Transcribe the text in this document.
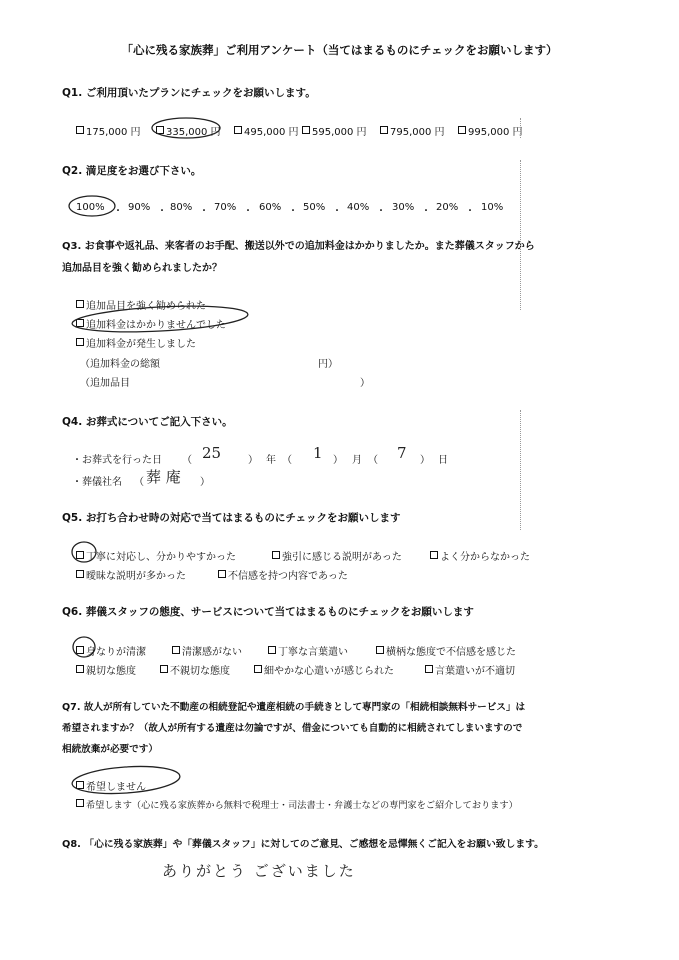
「心に残る家族葬」ご利用アンケート（当てはまるものにチェックをお願いします）
Q1. ご利用頂いたプランにチェックをお願いします。
175,000 円	335,000 円	495,000 円	595,000 円	795,000 円	995,000 円
Q2. 満足度をお選び下さい。
100% ・ 90% ・ 80% ・ 70% ・ 60% ・ 50% ・ 40% ・ 30% ・ 20% ・ 10%
Q3. お食事や返礼品、来客者のお手配、搬送以外での追加料金はかかりましたか。また葬儀スタッフから
追加品目を強く勧められましたか？
追加品目を強く勧められた
追加料金はかかりませんでした
追加料金が発生しました
（追加料金の総額	円）
（追加品目	）
Q4. お葬式についてご記入下さい。
・お葬式を行った日 （ 25	） 年 （ 1 ） 月 （ 7 ） 日
・葬儀社名 （ 葬 庵 ）
Q5. お打ち合わせ時の対応で当てはまるものにチェックをお願いします
丁寧に対応し、分かりやすかった	強引に感じる説明があった	よく分からなかった
曖昧な説明が多かった	不信感を持つ内容であった
Q6. 葬儀スタッフの態度、サービスについて当てはまるものにチェックをお願いします
身なりが清潔	清潔感がない	丁寧な言葉遣い	横柄な態度で不信感を感じた
親切な態度	不親切な態度	細やかな心遣いが感じられた	言葉遣いが不適切
Q7. 故人が所有していた不動産の相続登記や遺産相続の手続きとして専門家の「相続相談無料サービス」は
希望されますか？（故人が所有する遺産は勿論ですが、借金についても自動的に相続されてしまいますので
相続放棄が必要です）
希望しません
希望します（心に残る家族葬から無料で税理士・司法書士・弁護士などの専門家をご紹介しております）
Q8. 「心に残る家族葬」や「葬儀スタッフ」に対してのご意見、ご感想を忌憚無くご記入をお願い致します。
ありがとう ございました
